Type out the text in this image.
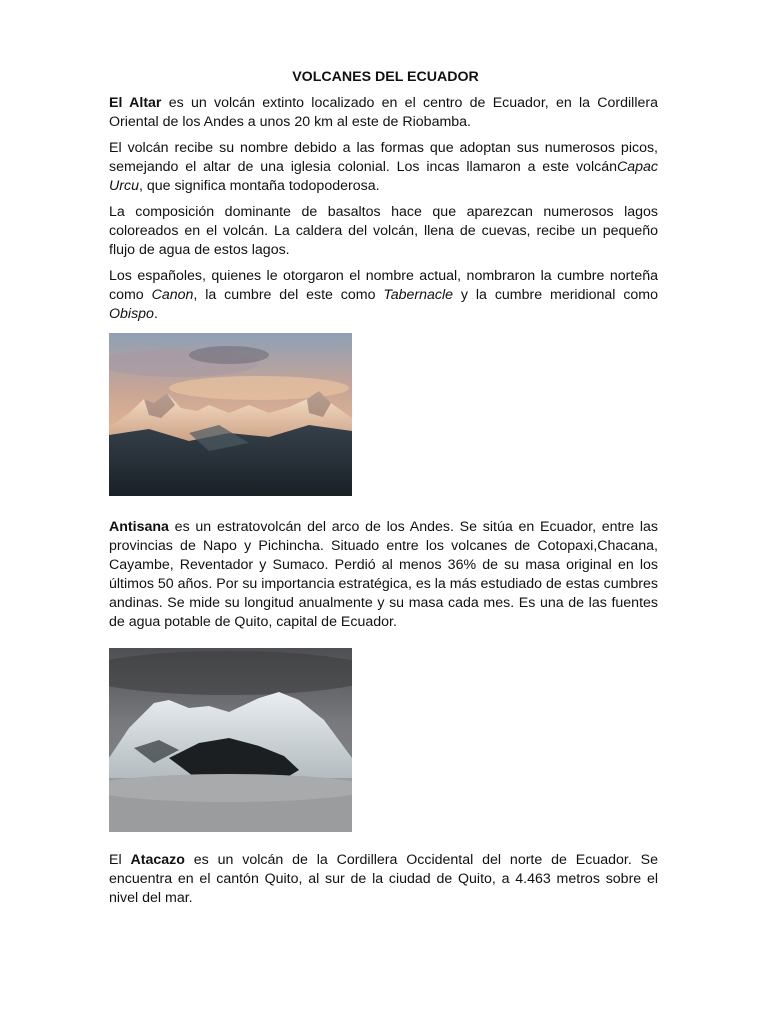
VOLCANES DEL ECUADOR

El Altar es un volcán extinto localizado en el centro de Ecuador, en la Cordillera Oriental de los Andes a unos 20 km al este de Riobamba.

El volcán recibe su nombre debido a las formas que adoptan sus numerosos picos, semejando el altar de una iglesia colonial. Los incas llamaron a este volcánCapac Urcu, que significa montaña todopoderosa.

La composición dominante de basaltos hace que aparezcan numerosos lagos coloreados en el volcán. La caldera del volcán, llena de cuevas, recibe un pequeño flujo de agua de estos lagos.

Los españoles, quienes le otorgaron el nombre actual, nombraron la cumbre norteña como Canon, la cumbre del este como Tabernacle y la cumbre meridional como Obispo.

Antisana es un estratovolcán del arco de los Andes. Se sitúa en Ecuador, entre las provincias de Napo y Pichincha. Situado entre los volcanes de Cotopaxi,Chacana, Cayambe, Reventador y Sumaco. Perdió al menos 36% de su masa original en los últimos 50 años. Por su importancia estratégica, es la más estudiado de estas cumbres andinas. Se mide su longitud anualmente y su masa cada mes. Es una de las fuentes de agua potable de Quito, capital de Ecuador.

El Atacazo es un volcán de la Cordillera Occidental del norte de Ecuador. Se encuentra en el cantón Quito, al sur de la ciudad de Quito, a 4.463 metros sobre el nivel del mar.
